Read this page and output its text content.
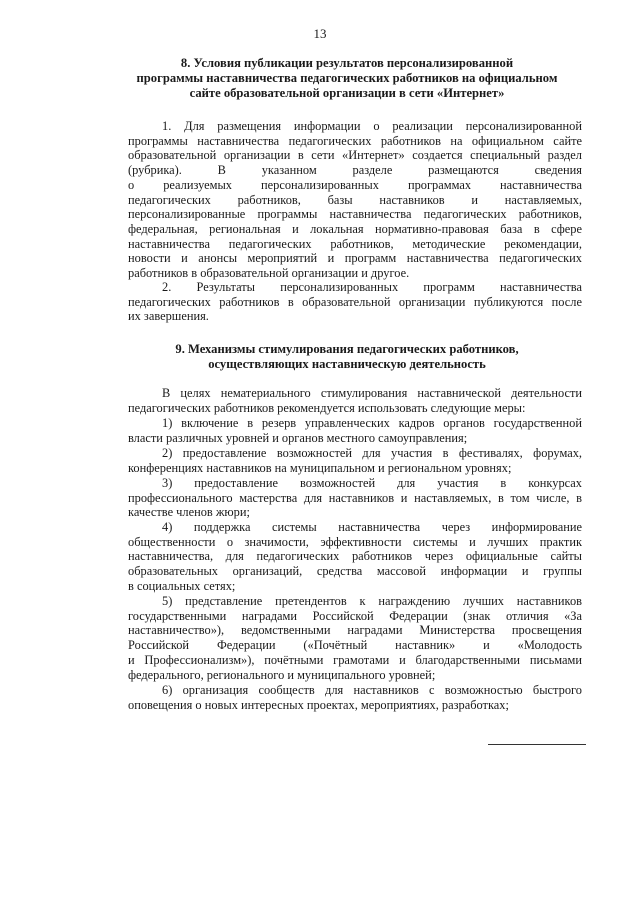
13
8. Условия публикации результатов персонализированной
программы наставничества педагогических работников на официальном
сайте образовательной организации в сети «Интернет»
1. Для размещения информации о реализации персонализированной
программы наставничества педагогических работников на официальном сайте
образовательной организации в сети «Интернет» создается специальный раздел
(рубрика). В указанном разделе размещаются сведения
о реализуемых персонализированных программах наставничества
педагогических работников, базы наставников и наставляемых,
персонализированные программы наставничества педагогических работников,
федеральная, региональная и локальная нормативно-правовая база в сфере
наставничества педагогических работников, методические рекомендации,
новости и анонсы мероприятий и программ наставничества педагогических
работников в образовательной организации и другое.
2. Результаты персонализированных программ наставничества
педагогических работников в образовательной организации публикуются после
их завершения.
9. Механизмы стимулирования педагогических работников,
осуществляющих наставническую деятельность
В целях нематериального стимулирования наставнической деятельности
педагогических работников рекомендуется использовать следующие меры:
1) включение в резерв управленческих кадров органов государственной
власти различных уровней и органов местного самоуправления;
2) предоставление возможностей для участия в фестивалях, форумах,
конференциях наставников на муниципальном и региональном уровнях;
3) предоставление возможностей для участия в конкурсах
профессионального мастерства для наставников и наставляемых, в том числе, в
качестве членов жюри;
4) поддержка системы наставничества через информирование
общественности о значимости, эффективности системы и лучших практик
наставничества, для педагогических работников через официальные сайты
образовательных организаций, средства массовой информации и группы
в социальных сетях;
5) представление претендентов к награждению лучших наставников
государственными наградами Российской Федерации (знак отличия «За
наставничество»), ведомственными наградами Министерства просвещения
Российской Федерации («Почётный наставник» и «Молодость
и Профессионализм»), почётными грамотами и благодарственными письмами
федерального, регионального и муниципального уровней;
6) организация сообществ для наставников с возможностью быстрого
оповещения о новых интересных проектах, мероприятиях, разработках;
